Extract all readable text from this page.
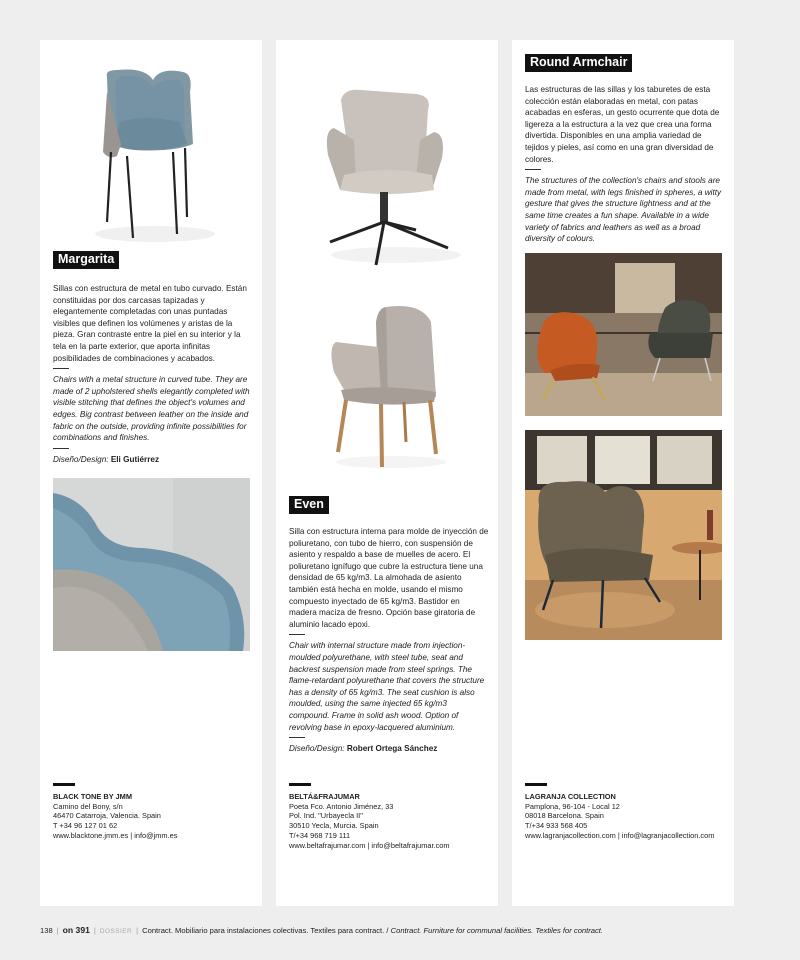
Margarita

Sillas con estructura de metal en tubo curvado. Están constituidas por dos carcasas tapizadas y elegantemente completadas con unas puntadas visibles que definen los volúmenes y aristas de la pieza. Gran contraste entre la piel en su interior y la tela en la parte exterior, que aporta infinitas posibilidades de combinaciones y acabados.

Chairs with a metal structure in curved tube. They are made of 2 upholstered shells elegantly completed with visible stitching that defines the object's volumes and edges. Big contrast between leather on the inside and fabric on the outside, providing infinite possibilities for combinations and finishes.

Diseño/Design: Eli Gutiérrez

BLACK TONE BY JMM
Camino del Bony, s/n
46470 Catarroja, Valencia. Spain
T +34 96 127 01 62
www.blacktone.jmm.es | info@jmm.es
Even

Silla con estructura interna para molde de inyección de poliuretano, con tubo de hierro, con suspensión de asiento y respaldo a base de muelles de acero. El poliuretano ignífugo que cubre la estructura tiene una densidad de 65 kg/m3. La almohada de asiento también está hecha en molde, usando el mismo compuesto inyectado de 65 kg/m3. Bastidor en madera maciza de fresno. Opción base giratoria de aluminio lacado epoxi.

Chair with internal structure made from injection-moulded polyurethane, with steel tube, seat and backrest suspension made from steel springs. The flame-retardant polyurethane that covers the structure has a density of 65 kg/m3. The seat cushion is also moulded, using the same injected 65 kg/m3 compound. Frame in solid ash wood. Option of revolving base in epoxy-lacquered aluminium.

Diseño/Design: Robert Ortega Sánchez

BELTÁ&FRAJUMAR
Poeta Fco. Antonio Jiménez, 33
Pol. Ind. "Urbayecla II"
30510 Yecla, Murcia. Spain
T/+34 968 719 111
www.beltafrajumar.com | info@beltafrajumar.com
Round Armchair

Las estructuras de las sillas y los taburetes de esta colección están elaboradas en metal, con patas acabadas en esferas, un gesto ocurrente que dota de ligereza a la estructura a la vez que crea una forma divertida. Disponibles en una amplia variedad de tejidos y pieles, así como en una gran diversidad de colores.

The structures of the collection's chairs and stools are made from metal, with legs finished in spheres, a witty gesture that gives the structure lightness and at the same time creates a fun shape. Available in a wide variety of fabrics and leathers as well as a broad diversity of colours.

LAGRANJA COLLECTION
Pamplona, 96-104 - Local 12
08018 Barcelona. Spain
T/+34 933 568 405
www.lagranjacollection.com | info@lagranjacollection.com
138 | on 391 | DOSSIER | Contract. Mobiliario para instalaciones colectivas. Textiles para contract. / Contract. Furniture for communal facilities. Textiles for contract.
